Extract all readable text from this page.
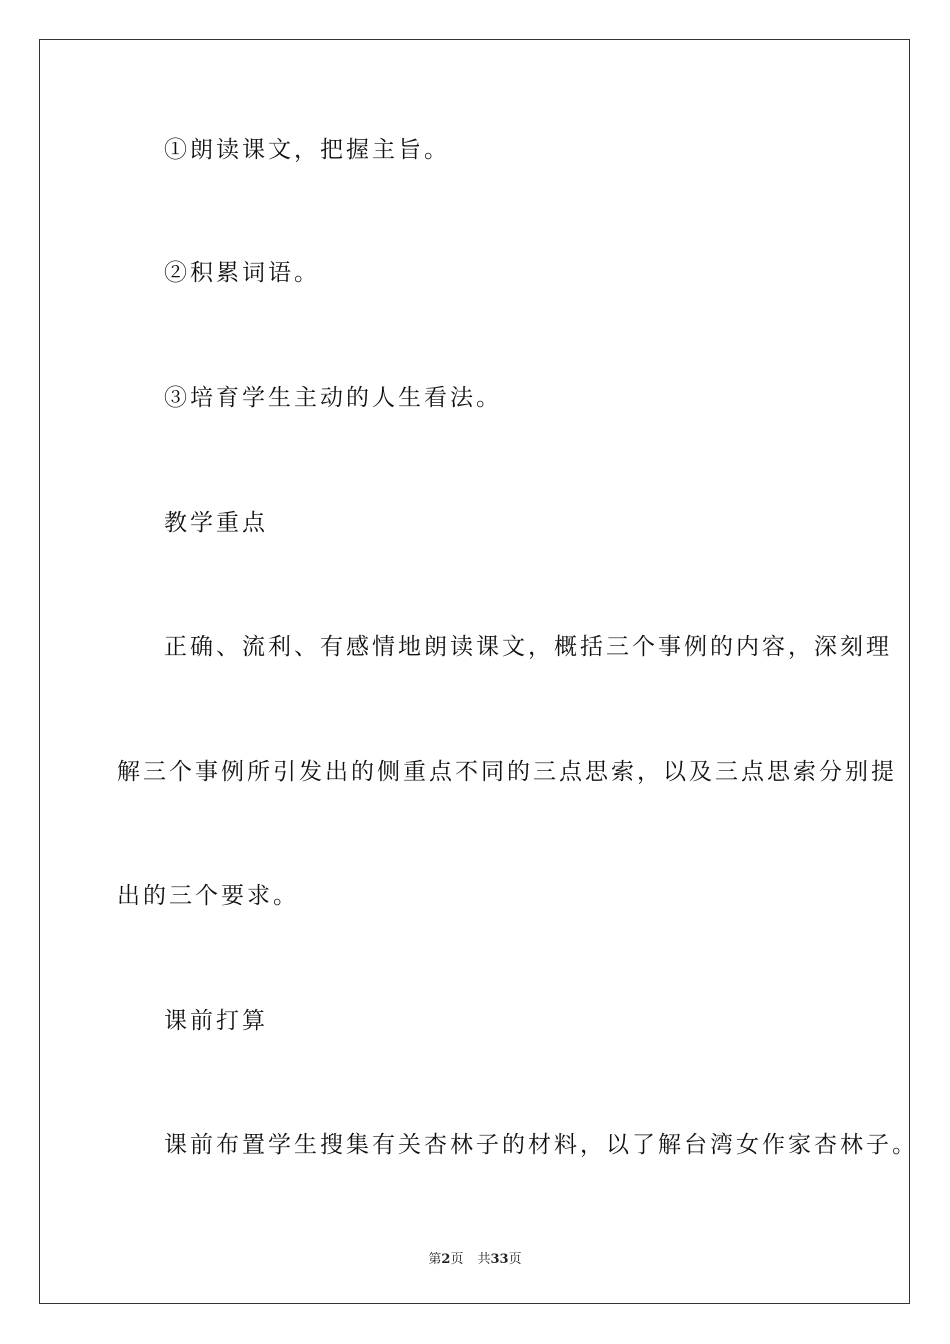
①朗读课文，把握主旨。
②积累词语。
③培育学生主动的人生看法。
教学重点
正确、流利、有感情地朗读课文，概括三个事例的内容，深刻理
解三个事例所引发出的侧重点不同的三点思索，以及三点思索分别提
出的三个要求。
课前打算
课前布置学生搜集有关杏林子的材料，以了解台湾女作家杏林子。
第2页 共33页
